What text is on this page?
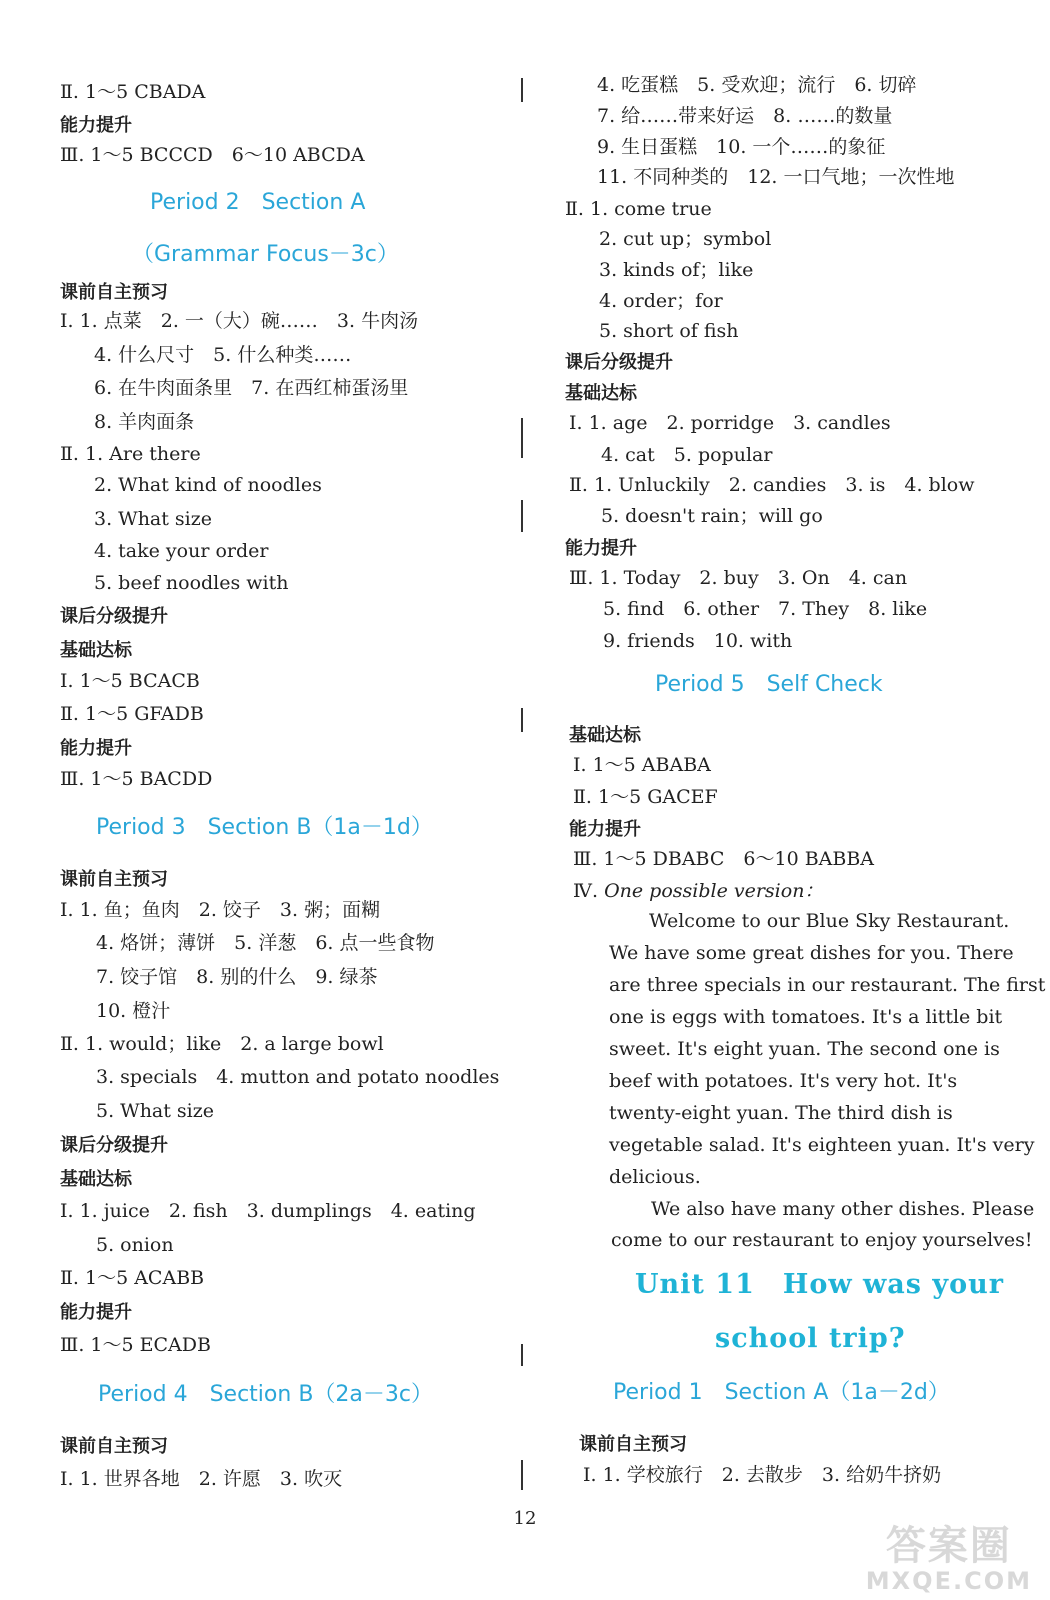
Ⅱ. 1～5 CBADA
能力提升
Ⅲ. 1～5 BCCCD　6～10 ABCDA
Period 2　Section A
（Grammar Focus－3c）
课前自主预习
Ⅰ. 1. 点菜　2. 一（大）碗……　3. 牛肉汤
4. 什么尺寸　5. 什么种类……
6. 在牛肉面条里　7. 在西红柿蛋汤里
8. 羊肉面条
Ⅱ. 1. Are there
2. What kind of noodles
3. What size
4. take your order
5. beef noodles with
课后分级提升
基础达标
Ⅰ. 1～5 BCACB
Ⅱ. 1～5 GFADB
能力提升
Ⅲ. 1～5 BACDD
Period 3　Section B（1a－1d）
课前自主预习
Ⅰ. 1. 鱼；鱼肉　2. 饺子　3. 粥；面糊
4. 烙饼；薄饼　5. 洋葱　6. 点一些食物
7. 饺子馆　8. 别的什么　9. 绿茶
10. 橙汁
Ⅱ. 1. would；like　2. a large bowl
3. specials　4. mutton and potato noodles
5. What size
课后分级提升
基础达标
Ⅰ. 1. juice　2. fish　3. dumplings　4. eating
5. onion
Ⅱ. 1～5 ACABB
能力提升
Ⅲ. 1～5 ECADB
Period 4　Section B（2a－3c）
课前自主预习
Ⅰ. 1. 世界各地　2. 许愿　3. 吹灭
4. 吃蛋糕　5. 受欢迎；流行　6. 切碎
7. 给……带来好运　8. ……的数量
9. 生日蛋糕　10. 一个……的象征
11. 不同种类的　12. 一口气地；一次性地
Ⅱ. 1. come true
2. cut up；symbol
3. kinds of；like
4. order；for
5. short of fish
课后分级提升
基础达标
Ⅰ. 1. age　2. porridge　3. candles
4. cat　5. popular
Ⅱ. 1. Unluckily　2. candies　3. is　4. blow
5. doesn't rain；will go
能力提升
Ⅲ. 1. Today　2. buy　3. On　4. can
5. find　6. other　7. They　8. like
9. friends　10. with
Period 5　Self Check
基础达标
Ⅰ. 1～5 ABABA
Ⅱ. 1～5 GACEF
能力提升
Ⅲ. 1～5 DBABC　6～10 BABBA
Ⅳ. One possible version：
Welcome to our Blue Sky Restaurant.
We have some great dishes for you. There
are three specials in our restaurant. The first
one is eggs with tomatoes. It's a little bit
sweet. It's eight yuan. The second one is
beef with potatoes. It's very hot. It's
twenty-eight yuan. The third dish is
vegetable salad. It's eighteen yuan. It's very
delicious.
We also have many other dishes. Please
come to our restaurant to enjoy yourselves!
Unit 11　How was your
school trip?
Period 1　Section A（1a－2d）
课前自主预习
Ⅰ. 1. 学校旅行　2. 去散步　3. 给奶牛挤奶
12
答案圈
MXQE.COM
